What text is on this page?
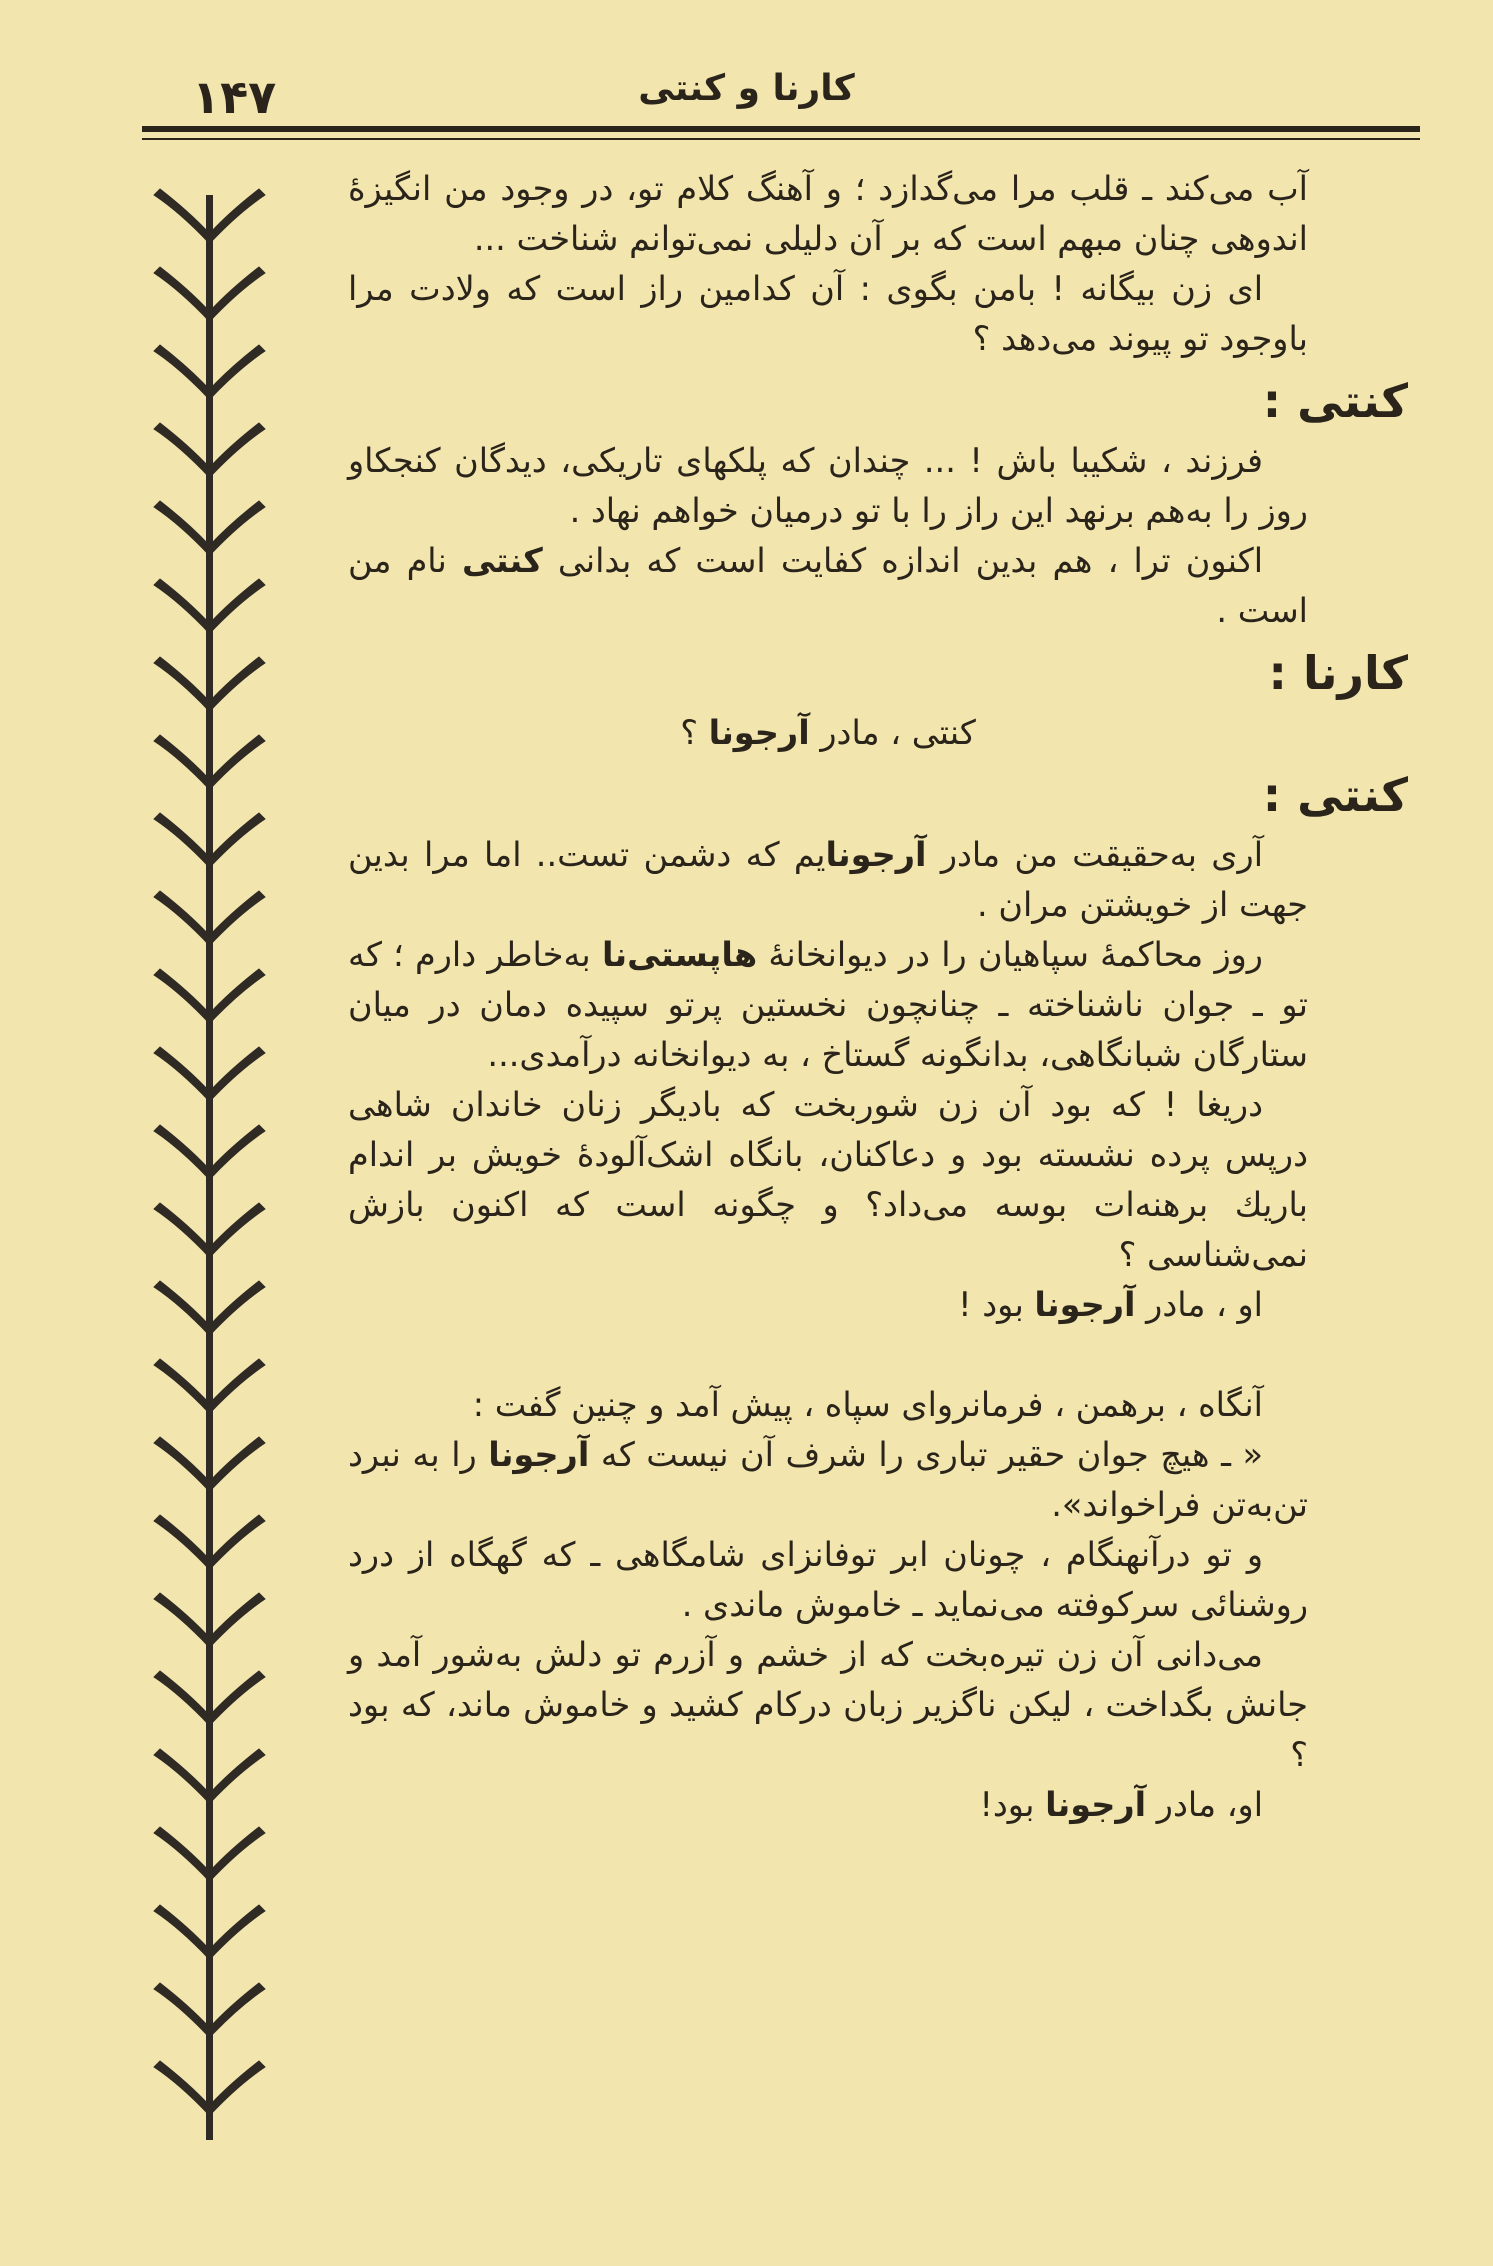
۱۴۷	کارنا و کنتی

آب می‌کند ـ قلب مرا می‌گدازد ؛ و آهنگ کلام تو، در وجود من انگیزهٔ اندوهی چنان مبهم است که بر آن دلیلی نمی‌توانم شناخت ...

ای زن بیگانه ! بامن بگوی : آن کدامین راز است که ولادت مرا باوجود تو پیوند می‌دهد ؟

کنتی :

فرزند ، شکیبا باش ! ... چندان که پلکهای تاریکی، دیدگان کنجکاو روز را به‌هم برنهد این راز را با تو درمیان خواهم نهاد .

اکنون ترا ، هم بدین اندازه کفایت است که بدانی کنتی نام من است .

کارنا :

کنتی ، مادر آرجونا ؟

کنتی :

آری به‌حقیقت من مادر آرجونایم که دشمن تست.. اما مرا بدین جهت از خویشتن مران .

روز محاکمهٔ سپاهیان را در دیوانخانهٔ هاپستی‌نا به‌خاطر دارم ؛ که تو ـ جوان ناشناخته ـ چنانچون نخستین پرتو سپیده دمان در میان ستارگان شبانگاهی، بدانگونه گستاخ ، به دیوانخانه درآمدی...

دریغا ! که بود آن زن شوربخت که بادیگر زنان خاندان شاهی درپس پرده نشسته بود و دعاکنان، بانگاه اشک‌آلودهٔ خویش بر اندام باریك برهنه‌ات بوسه می‌داد؟ و چگونه است که اکنون بازش نمی‌شناسی ؟

او ، مادر آرجونا بود !

آنگاه ، برهمن ، فرمانروای سپاه ، پیش آمد و چنین گفت :

« ـ هیچ جوان حقیر تباری را شرف آن نیست که آرجونا را به نبرد تن‌به‌تن فراخواند».

و تو درآنهنگام ، چونان ابر توفانزای شامگاهی ـ که گهگاه از درد روشنائی سرکوفته می‌نماید ـ خاموش ماندی .

می‌دانی آن زن تیره‌بخت که از خشم و آزرم تو دلش به‌شور آمد و جانش بگداخت ، لیکن ناگزیر زبان درکام کشید و خاموش ماند، که بود ؟

او، مادر آرجونا بود!
